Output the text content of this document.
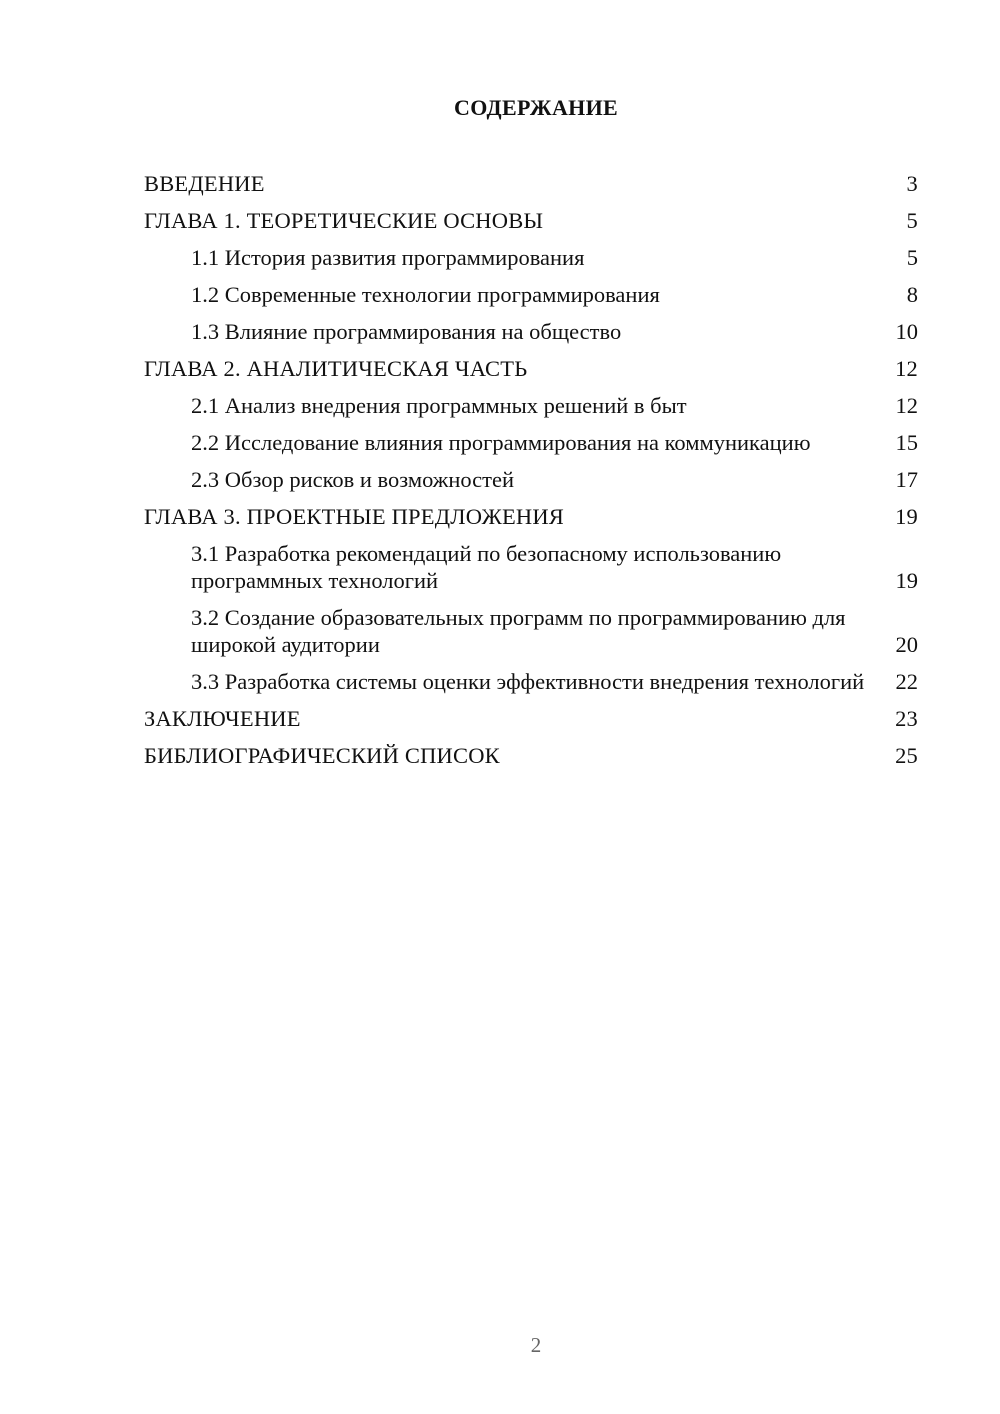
СОДЕРЖАНИЕ
ВВЕДЕНИЕ	3
ГЛАВА 1. ТЕОРЕТИЧЕСКИЕ ОСНОВЫ	5
1.1 История развития программирования	5
1.2 Современные технологии программирования	8
1.3 Влияние программирования на общество	10
ГЛАВА 2. АНАЛИТИЧЕСКАЯ ЧАСТЬ	12
2.1 Анализ внедрения программных решений в быт	12
2.2 Исследование влияния программирования на коммуникацию	15
2.3 Обзор рисков и возможностей	17
ГЛАВА 3. ПРОЕКТНЫЕ ПРЕДЛОЖЕНИЯ	19
3.1 Разработка рекомендаций по безопасному использованию программных технологий	19
3.2 Создание образовательных программ по программированию для широкой аудитории	20
3.3 Разработка системы оценки эффективности внедрения технологий	22
ЗАКЛЮЧЕНИЕ	23
БИБЛИОГРАФИЧЕСКИЙ СПИСОК	25
2
